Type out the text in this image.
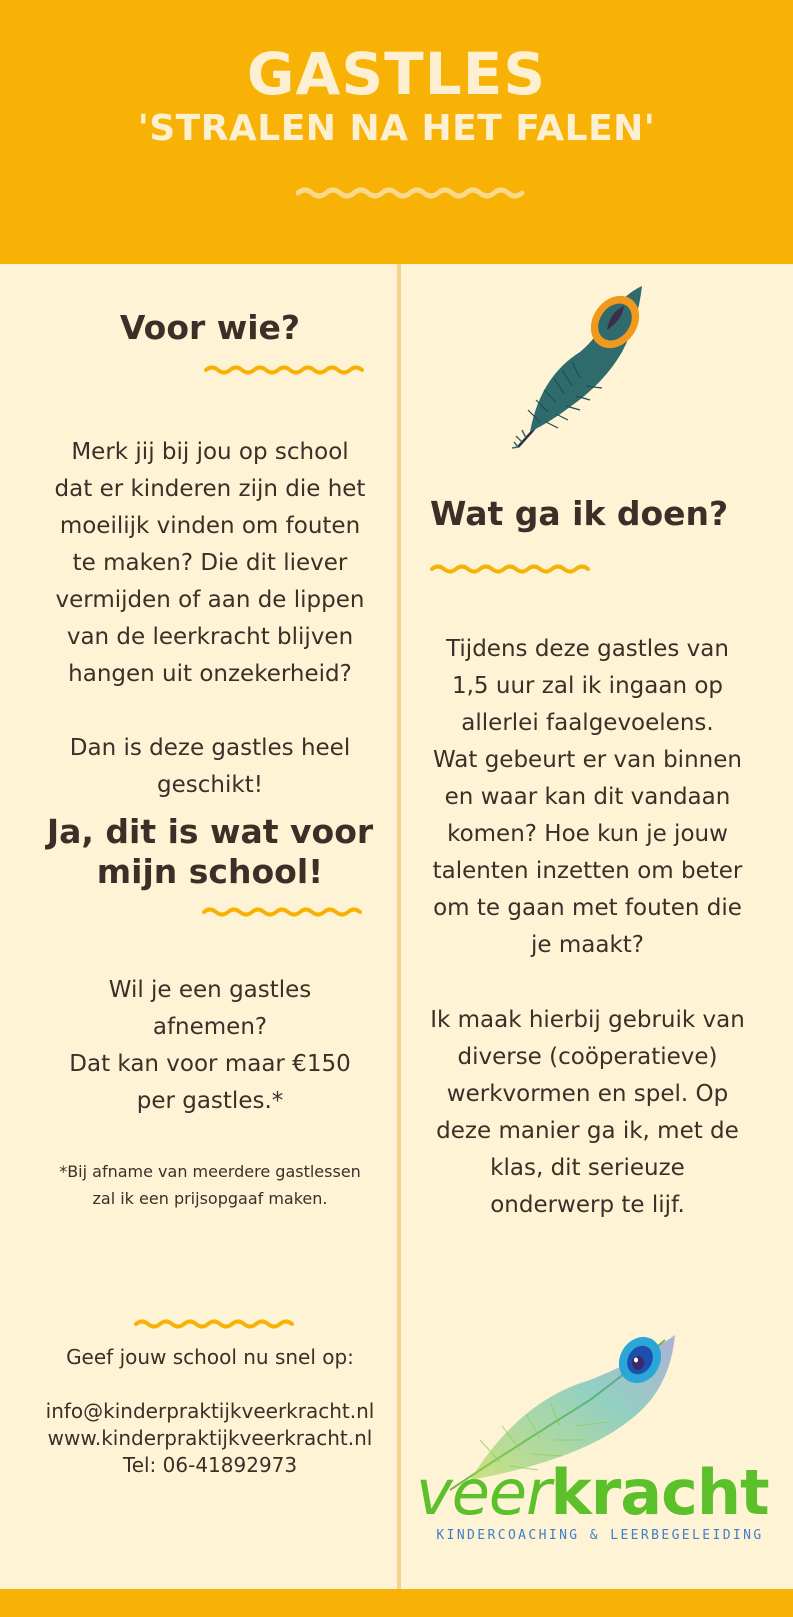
GASTLES
'STRALEN NA HET FALEN'
Voor wie?
Merk jij bij jou op school
dat er kinderen zijn die het
moeilijk vinden om fouten
te maken? Die dit liever
vermijden of aan de lippen
van de leerkracht blijven
hangen uit onzekerheid?

Dan is deze gastles heel
geschikt!
Ja, dit is wat voor
mijn school!
Wil je een gastles
afnemen?
Dat kan voor maar €150
per gastles.*
*Bij afname van meerdere gastlessen
zal ik een prijsopgaaf maken.
Geef jouw school nu snel op:
info@kinderpraktijkveerkracht.nl
www.kinderpraktijkveerkracht.nl
Tel: 06-41892973
Wat ga ik doen?
Tijdens deze gastles van
1,5 uur zal ik ingaan op
allerlei faalgevoelens.
Wat gebeurt er van binnen
en waar kan dit vandaan
komen? Hoe kun je jouw
talenten inzetten om beter
om te gaan met fouten die
je maakt?
Ik maak hierbij gebruik van
diverse (coöperatieve)
werkvormen en spel. Op
deze manier ga ik, met de
klas, dit serieuze
onderwerp te lijf.
veerkracht
KINDERCOACHING & LEERBEGELEIDING
